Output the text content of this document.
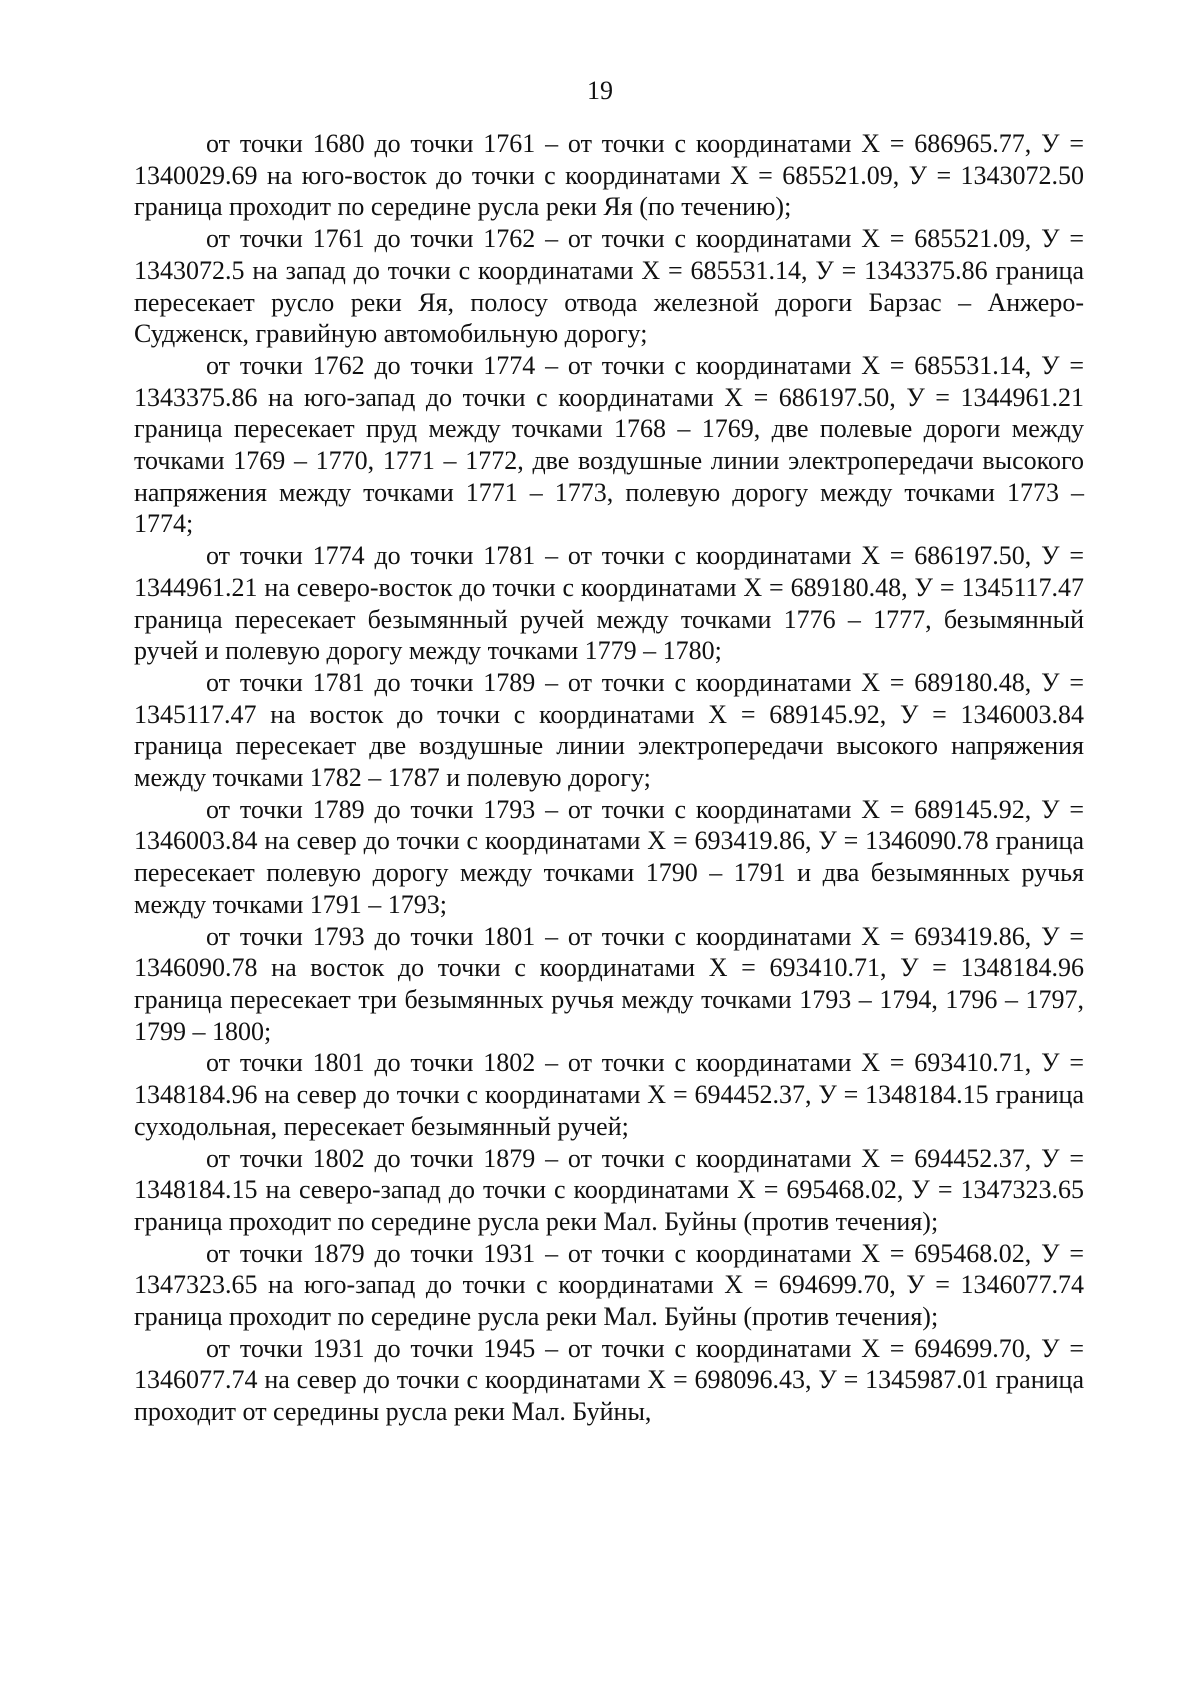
19

от точки 1680 до точки 1761 – от точки с координатами X = 686965.77, У = 1340029.69 на юго-восток до точки с координатами X = 685521.09, У = 1343072.50 граница проходит по середине русла реки Яя (по течению);

от точки 1761 до точки 1762 – от точки с координатами X = 685521.09, У = 1343072.5 на запад до точки с координатами X = 685531.14, У = 1343375.86 граница пересекает русло реки Яя, полосу отвода железной дороги Барзас – Анжеро-Судженск, гравийную автомобильную дорогу;

от точки 1762 до точки 1774 – от точки с координатами X = 685531.14, У = 1343375.86 на юго-запад до точки с координатами X = 686197.50, У = 1344961.21 граница пересекает пруд между точками 1768 – 1769, две полевые дороги между точками 1769 – 1770, 1771 – 1772, две воздушные линии электропередачи высокого напряжения между точками 1771 – 1773, полевую дорогу между точками 1773 – 1774;

от точки 1774 до точки 1781 – от точки с координатами X = 686197.50, У = 1344961.21 на северо-восток до точки с координатами X = 689180.48, У = 1345117.47 граница пересекает безымянный ручей между точками 1776 – 1777, безымянный ручей и полевую дорогу между точками 1779 – 1780;

от точки 1781 до точки 1789 – от точки с координатами X = 689180.48, У = 1345117.47 на восток до точки с координатами X = 689145.92, У = 1346003.84 граница пересекает две воздушные линии электропередачи высокого напряжения между точками 1782 – 1787 и полевую дорогу;

от точки 1789 до точки 1793 – от точки с координатами X = 689145.92, У = 1346003.84 на север до точки с координатами X = 693419.86, У = 1346090.78 граница пересекает полевую дорогу между точками 1790 – 1791 и два безымянных ручья между точками 1791 – 1793;

от точки 1793 до точки 1801 – от точки с координатами X = 693419.86, У = 1346090.78 на восток до точки с координатами X = 693410.71, У = 1348184.96 граница пересекает три безымянных ручья между точками 1793 – 1794, 1796 – 1797, 1799 – 1800;

от точки 1801 до точки 1802 – от точки с координатами X = 693410.71, У = 1348184.96 на север до точки с координатами X = 694452.37, У = 1348184.15 граница суходольная, пересекает безымянный ручей;

от точки 1802 до точки 1879 – от точки с координатами X = 694452.37, У = 1348184.15 на северо-запад до точки с координатами X = 695468.02, У = 1347323.65 граница проходит по середине русла реки Мал. Буйны (против течения);

от точки 1879 до точки 1931 – от точки с координатами X = 695468.02, У = 1347323.65 на юго-запад до точки с координатами X = 694699.70, У = 1346077.74 граница проходит по середине русла реки Мал. Буйны (против течения);

от точки 1931 до точки 1945 – от точки с координатами X = 694699.70, У = 1346077.74 на север до точки с координатами X = 698096.43, У = 1345987.01 граница проходит от середины русла реки Мал. Буйны,
